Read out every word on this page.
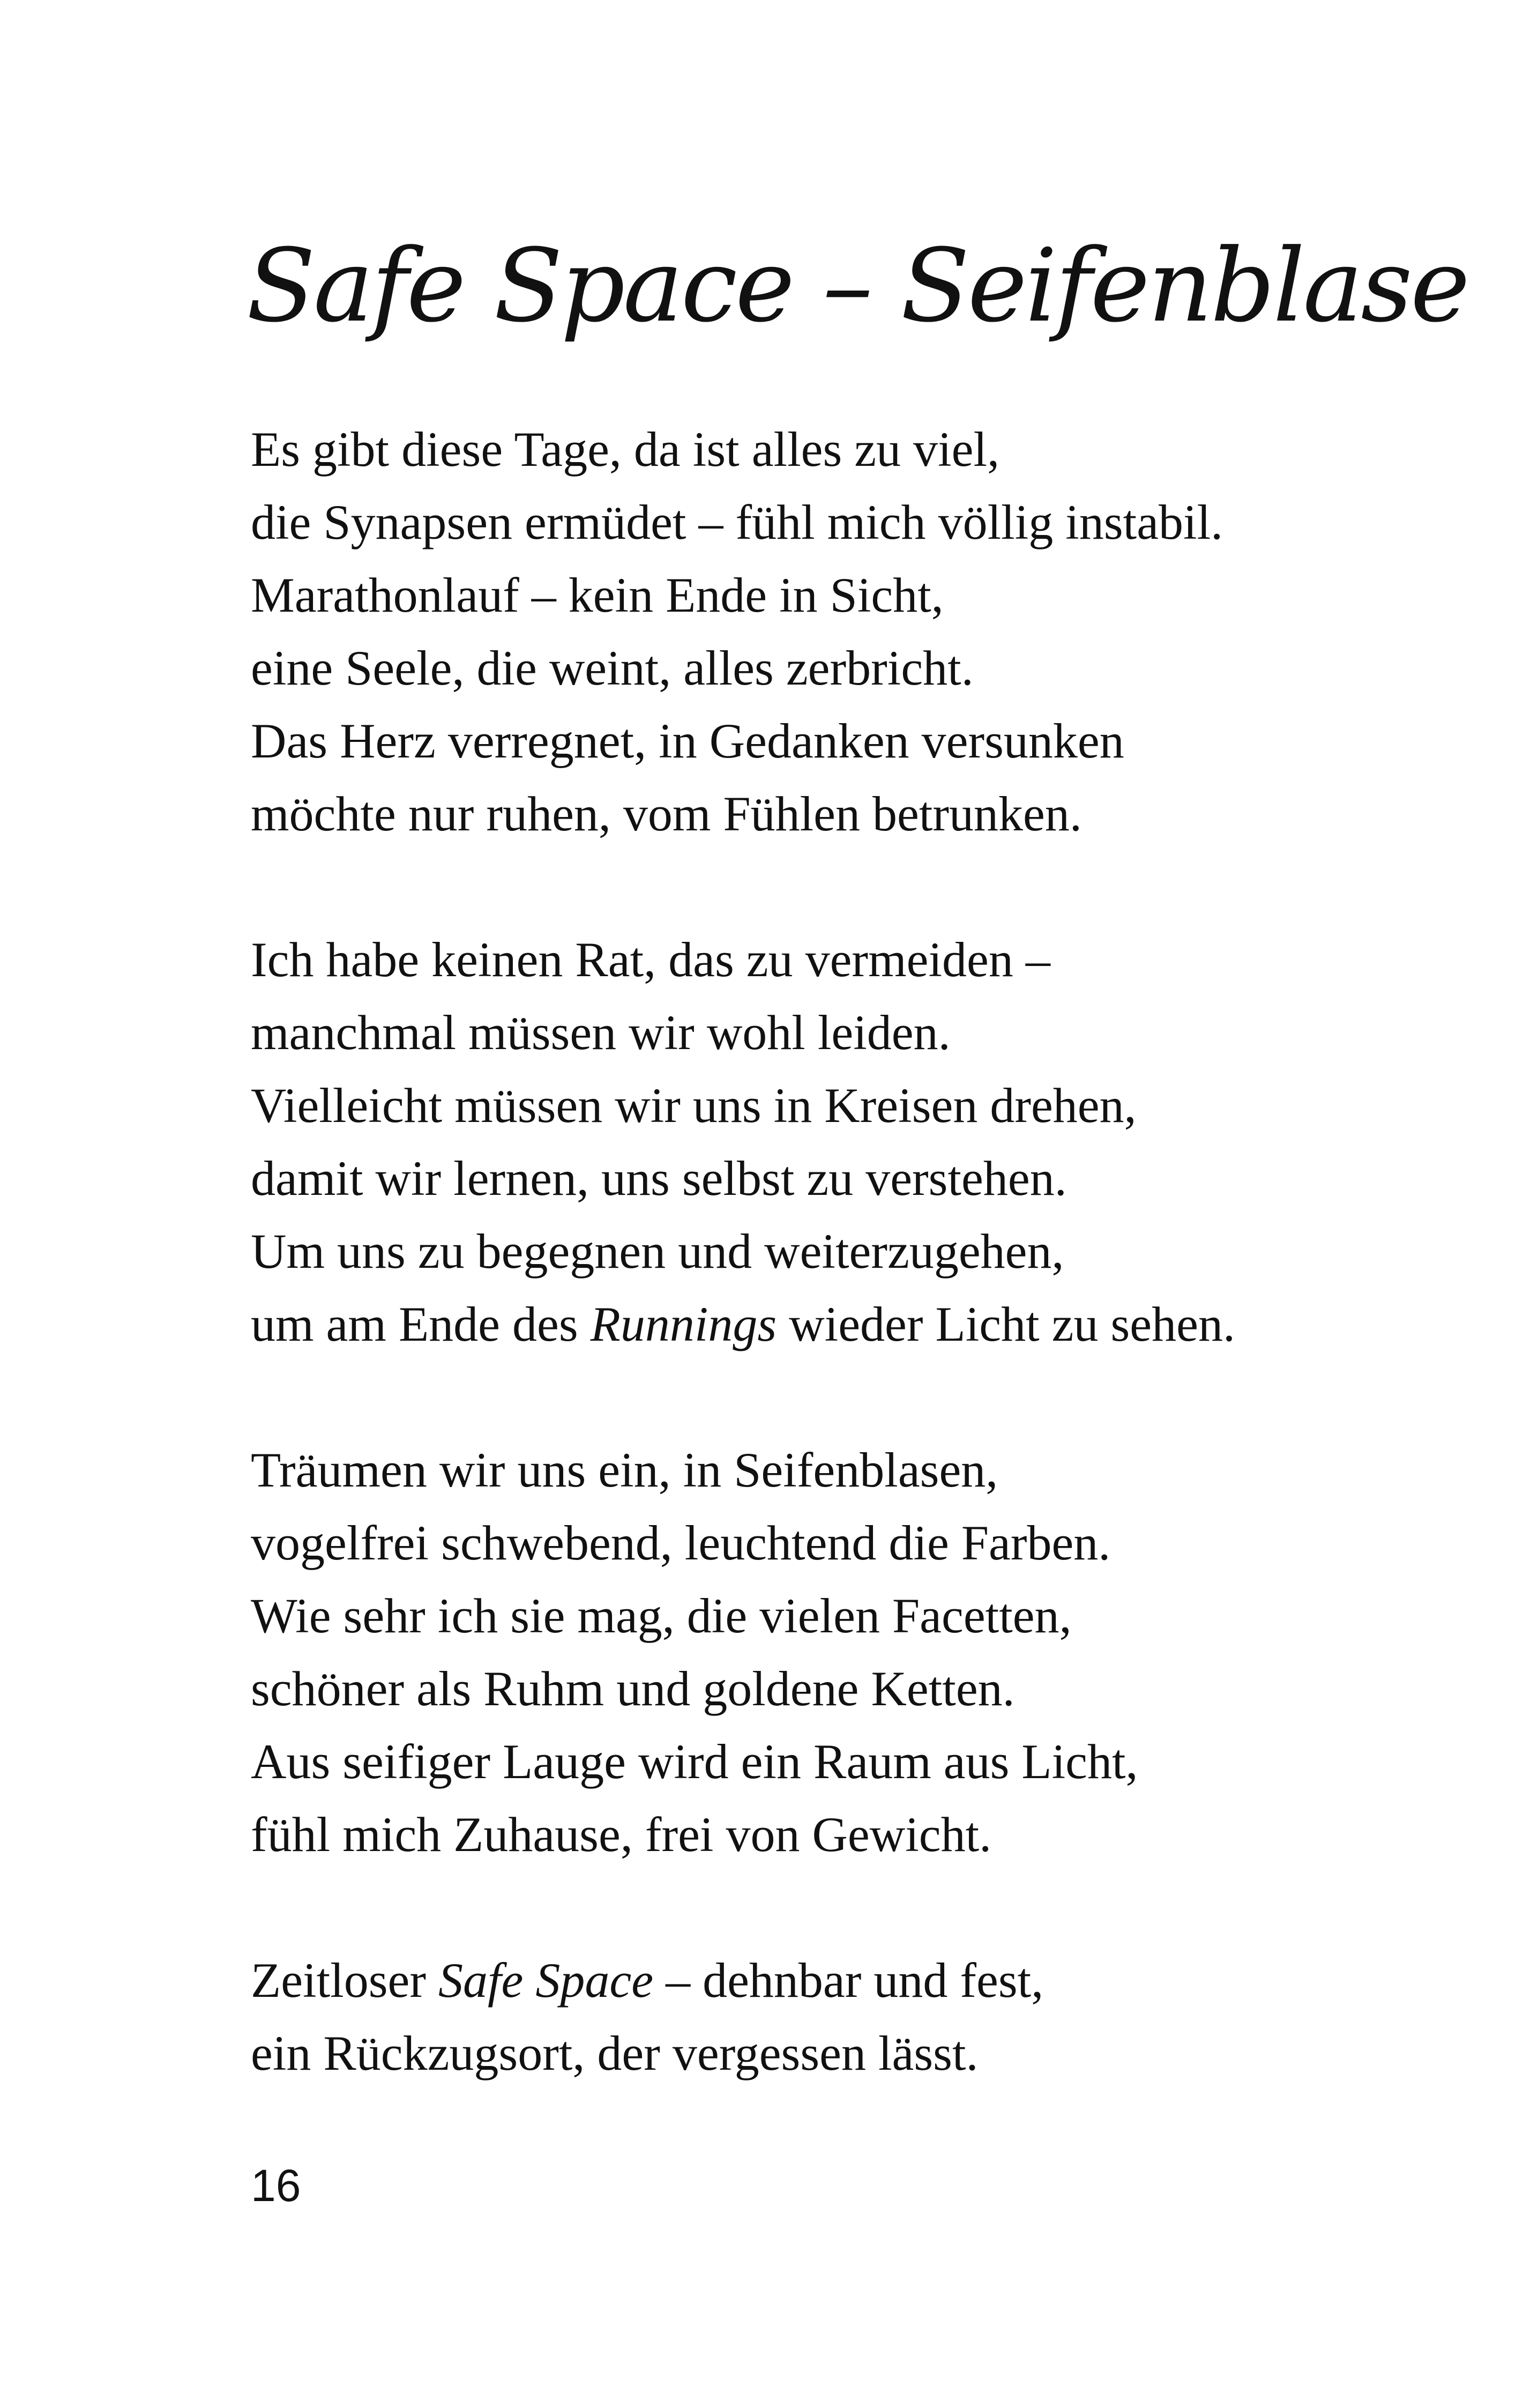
Safe Space – Seifenblase

Es gibt diese Tage, da ist alles zu viel,
die Synapsen ermüdet – fühl mich völlig instabil.
Marathonlauf – kein Ende in Sicht,
eine Seele, die weint, alles zerbricht.
Das Herz verregnet, in Gedanken versunken
möchte nur ruhen, vom Fühlen betrunken.

Ich habe keinen Rat, das zu vermeiden –
manchmal müssen wir wohl leiden.
Vielleicht müssen wir uns in Kreisen drehen,
damit wir lernen, uns selbst zu verstehen.
Um uns zu begegnen und weiterzugehen,
um am Ende des Runnings wieder Licht zu sehen.

Träumen wir uns ein, in Seifenblasen,
vogelfrei schwebend, leuchtend die Farben.
Wie sehr ich sie mag, die vielen Facetten,
schöner als Ruhm und goldene Ketten.
Aus seifiger Lauge wird ein Raum aus Licht,
fühl mich Zuhause, frei von Gewicht.

Zeitloser Safe Space – dehnbar und fest,
ein Rückzugsort, der vergessen lässt.

16
